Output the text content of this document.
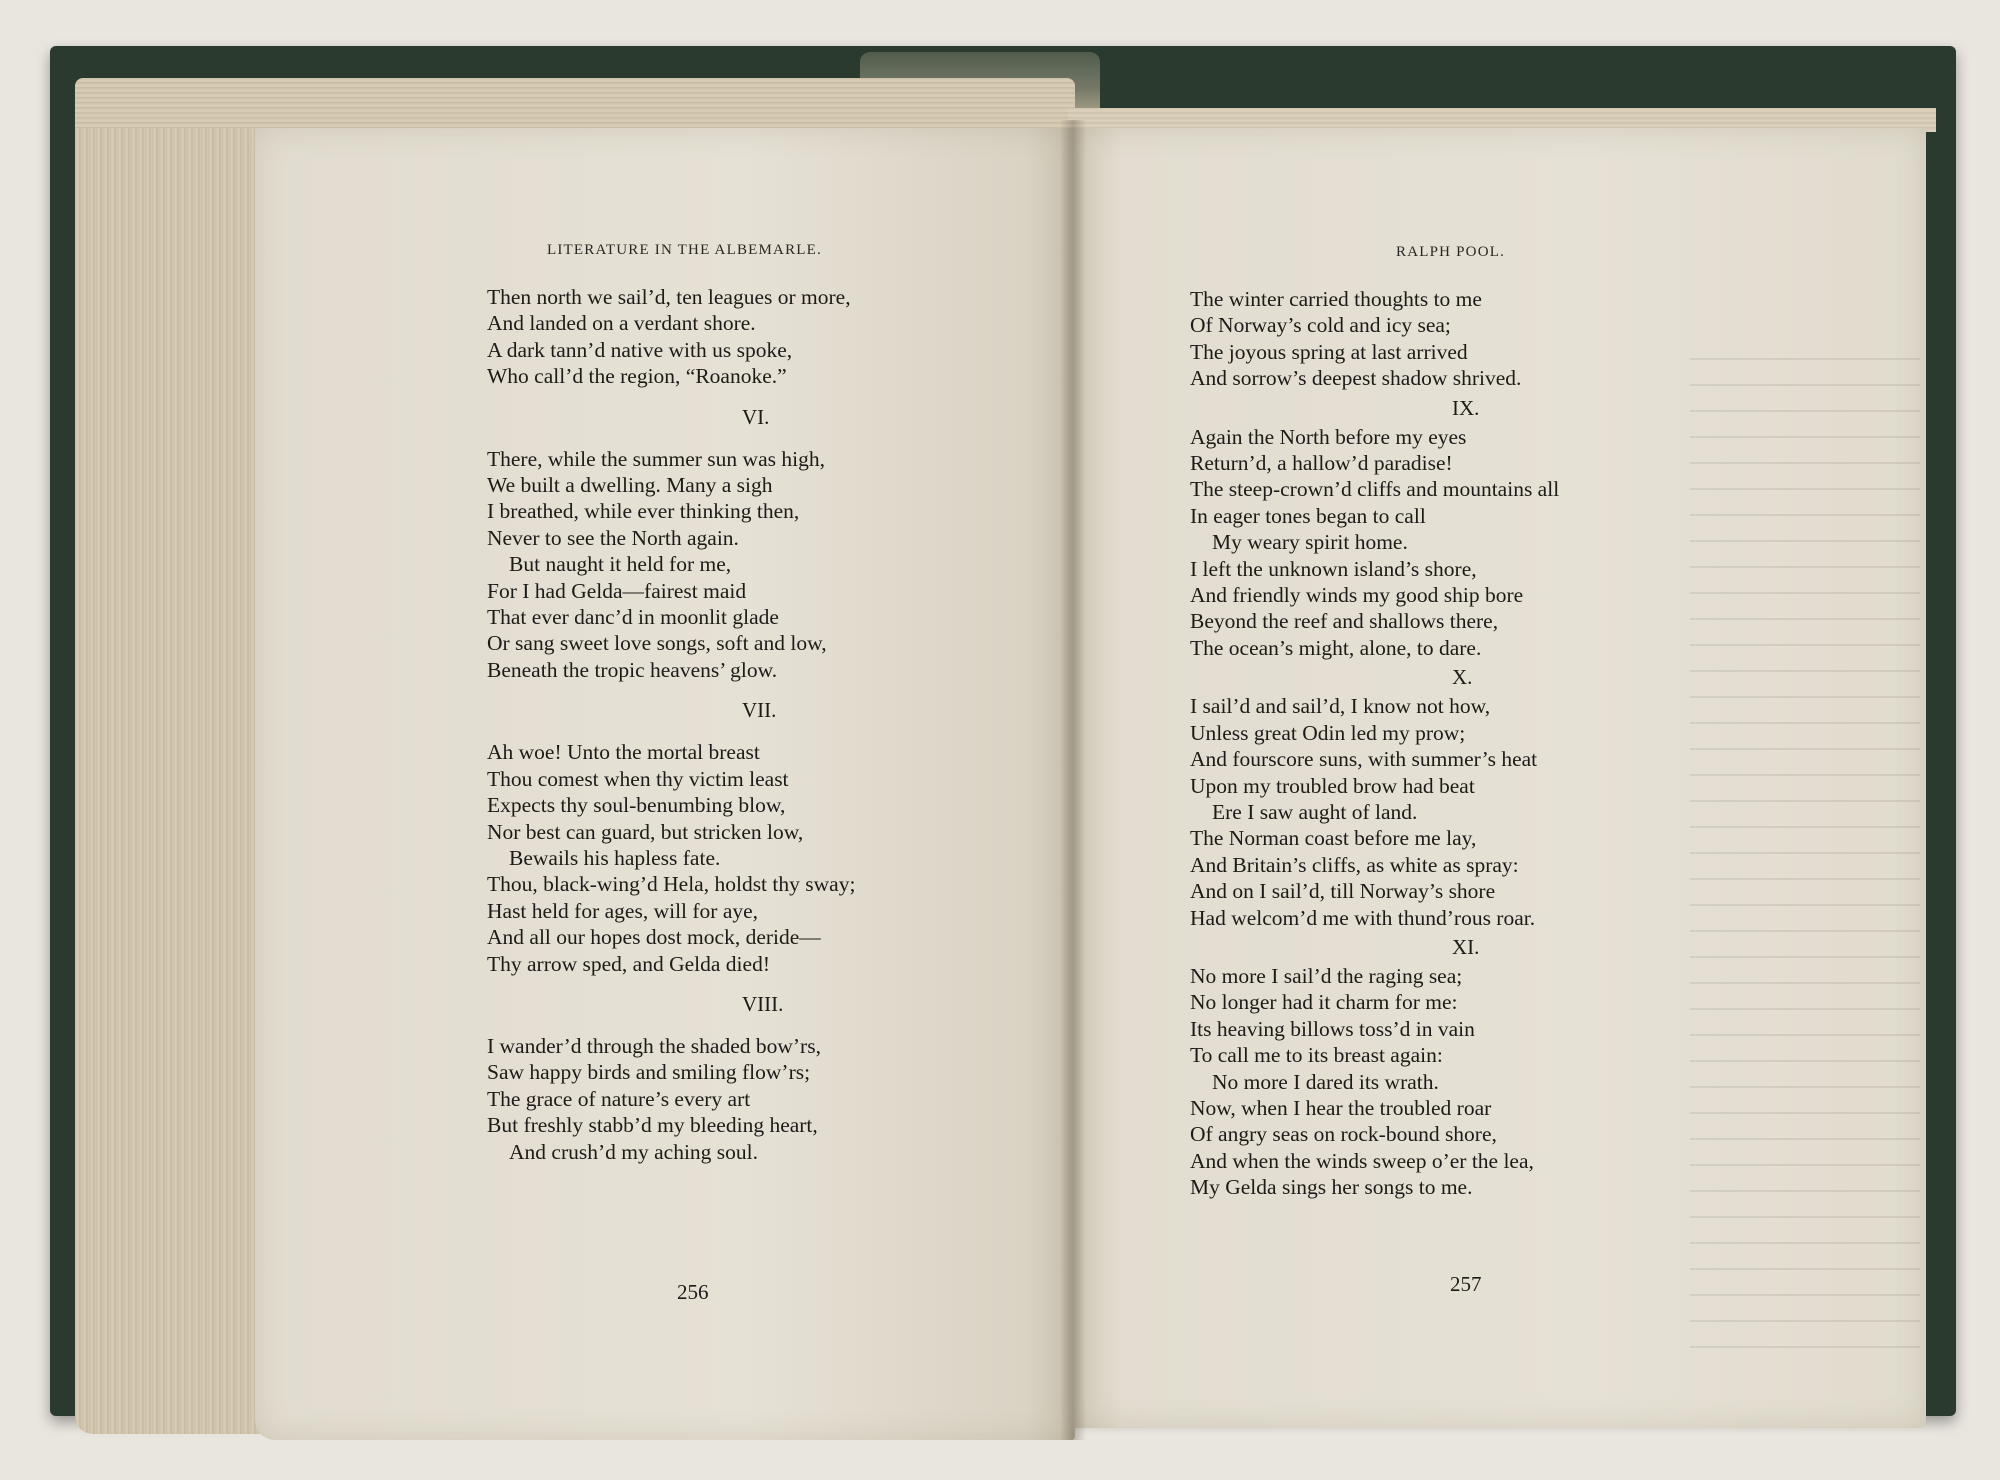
LITERATURE IN THE ALBEMARLE.
Then north we sail’d, ten leagues or more,
And landed on a verdant shore.
A dark tann’d native with us spoke,
Who call’d the region, “Roanoke.”
VI.
There, while the summer sun was high,
We built a dwelling. Many a sigh
I breathed, while ever thinking then,
Never to see the North again.
But naught it held for me,
For I had Gelda—fairest maid
That ever danc’d in moonlit glade
Or sang sweet love songs, soft and low,
Beneath the tropic heavens’ glow.
VII.
Ah woe! Unto the mortal breast
Thou comest when thy victim least
Expects thy soul-benumbing blow,
Nor best can guard, but stricken low,
Bewails his hapless fate.
Thou, black-wing’d Hela, holdst thy sway;
Hast held for ages, will for aye,
And all our hopes dost mock, deride—
Thy arrow sped, and Gelda died!
VIII.
I wander’d through the shaded bow’rs,
Saw happy birds and smiling flow’rs;
The grace of nature’s every art
But freshly stabb’d my bleeding heart,
And crush’d my aching soul.
256
RALPH POOL.
The winter carried thoughts to me
Of Norway’s cold and icy sea;
The joyous spring at last arrived
And sorrow’s deepest shadow shrived.
IX.
Again the North before my eyes
Return’d, a hallow’d paradise!
The steep-crown’d cliffs and mountains all
In eager tones began to call
My weary spirit home.
I left the unknown island’s shore,
And friendly winds my good ship bore
Beyond the reef and shallows there,
The ocean’s might, alone, to dare.
X.
I sail’d and sail’d, I know not how,
Unless great Odin led my prow;
And fourscore suns, with summer’s heat
Upon my troubled brow had beat
Ere I saw aught of land.
The Norman coast before me lay,
And Britain’s cliffs, as white as spray:
And on I sail’d, till Norway’s shore
Had welcom’d me with thund’rous roar.
XI.
No more I sail’d the raging sea;
No longer had it charm for me:
Its heaving billows toss’d in vain
To call me to its breast again:
No more I dared its wrath.
Now, when I hear the troubled roar
Of angry seas on rock-bound shore,
And when the winds sweep o’er the lea,
My Gelda sings her songs to me.
257
